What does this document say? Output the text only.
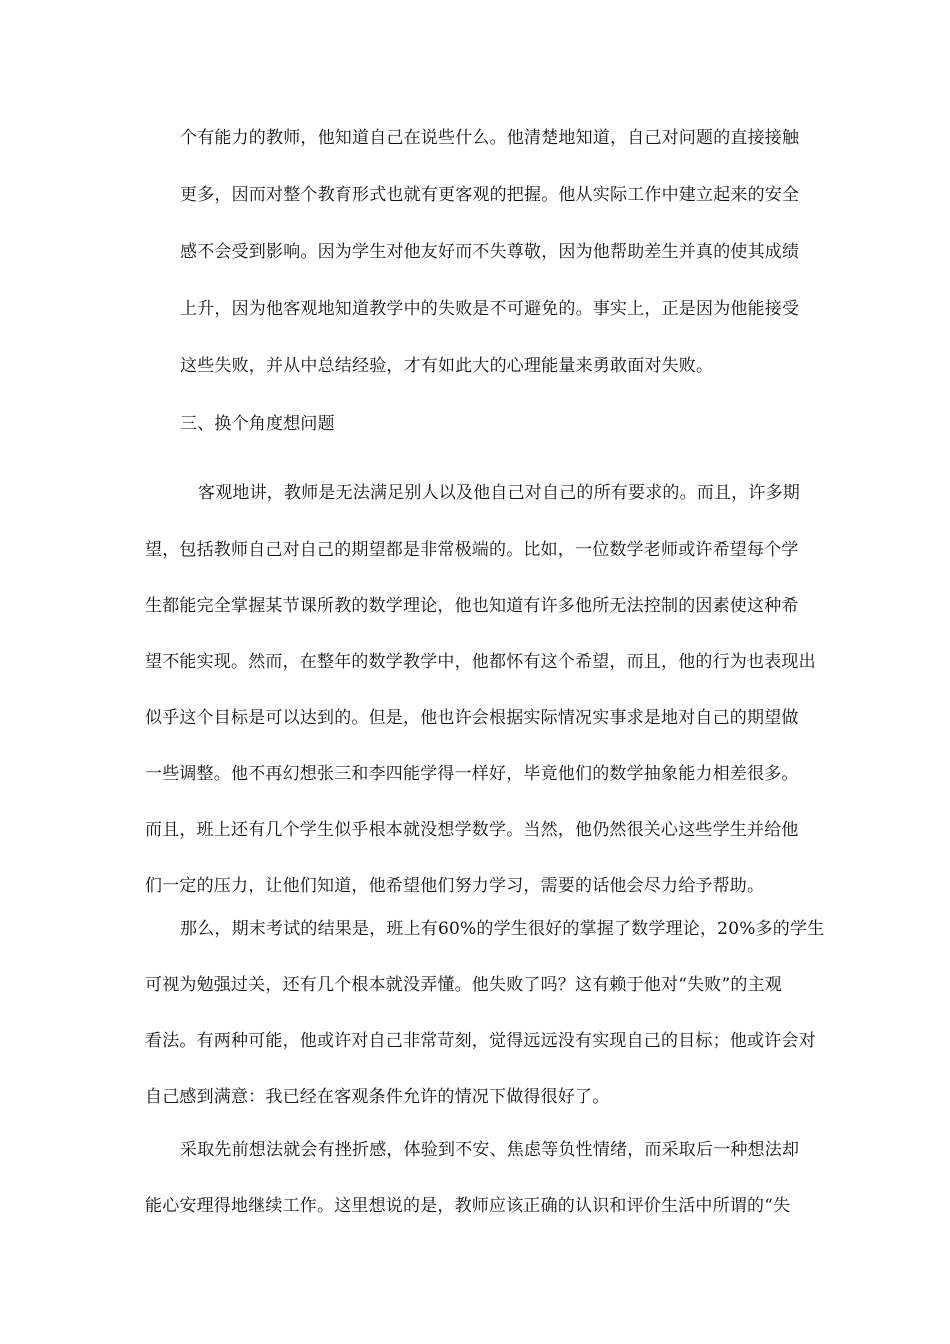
个有能力的教师，他知道自己在说些什么。他清楚地知道，自己对问题的直接接触
更多，因而对整个教育形式也就有更客观的把握。他从实际工作中建立起来的安全
感不会受到影响。因为学生对他友好而不失尊敬，因为他帮助差生并真的使其成绩
上升，因为他客观地知道教学中的失败是不可避免的。事实上，正是因为他能接受
这些失败，并从中总结经验，才有如此大的心理能量来勇敢面对失败。
三、换个角度想问题
客观地讲，教师是无法满足别人以及他自己对自己的所有要求的。而且，许多期
望，包括教师自己对自己的期望都是非常极端的。比如，一位数学老师或许希望每个学
生都能完全掌握某节课所教的数学理论，他也知道有许多他所无法控制的因素使这种希
望不能实现。然而，在整年的数学教学中，他都怀有这个希望，而且，他的行为也表现出
似乎这个目标是可以达到的。但是，他也许会根据实际情况实事求是地对自己的期望做
一些调整。他不再幻想张三和李四能学得一样好，毕竟他们的数学抽象能力相差很多。
而且，班上还有几个学生似乎根本就没想学数学。当然，他仍然很关心这些学生并给他
们一定的压力，让他们知道，他希望他们努力学习，需要的话他会尽力给予帮助。
那么，期末考试的结果是，班上有60%的学生很好的掌握了数学理论，20%多的学生
可视为勉强过关，还有几个根本就没弄懂。他失败了吗？这有赖于他对“失败”的主观
看法。有两种可能，他或许对自己非常苛刻，觉得远远没有实现自己的目标；他或许会对
自己感到满意：我已经在客观条件允许的情况下做得很好了。
采取先前想法就会有挫折感，体验到不安、焦虑等负性情绪，而采取后一种想法却
能心安理得地继续工作。这里想说的是，教师应该正确的认识和评价生活中所谓的“失
